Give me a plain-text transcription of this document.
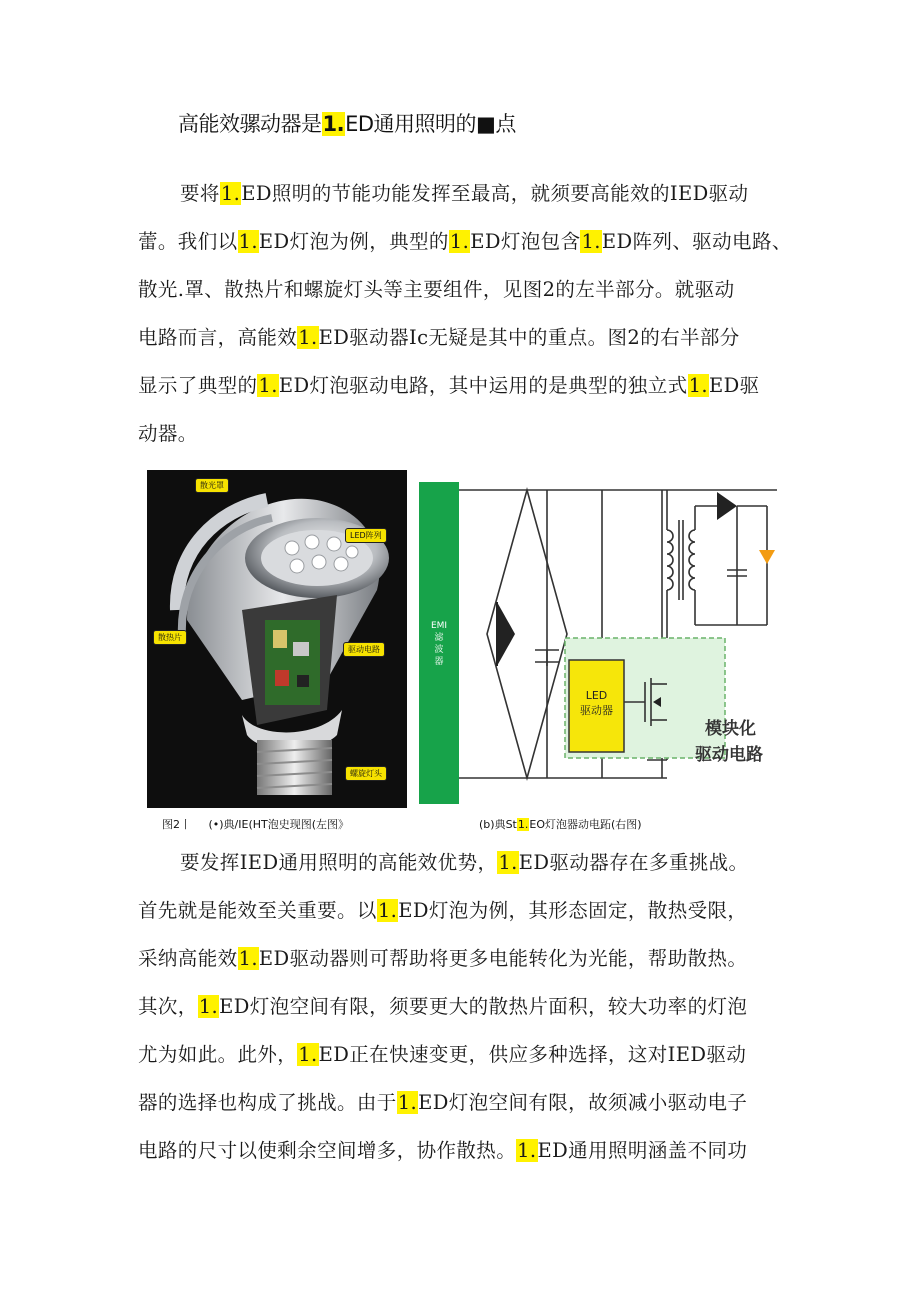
高能效骡动器是1.ED通用照明的■点
要将1.ED照明的节能功能发挥至最高，就须要高能效的IED驱动
蕾。我们以1.ED灯泡为例，典型的1.ED灯泡包含1.ED阵列、驱动电路、
散光.罩、散热片和螺旋灯头等主要组件，见图2的左半部分。就驱动
电路而言，高能效1.ED驱动器Ic无疑是其中的重点。图2的右半部分
显示了典型的1.ED灯泡驱动电路，其中运用的是典型的独立式1.ED驱
动器。
散光罩
LED阵列
散热片
驱动电路
螺旋灯头
EMI
滤
波
器
LED
驱动器
模块化
驱动电路
图2丨 (•)典/IE(HT泡史现图(左图》	(b)典St1.EO灯泡器动电跖(右图)
要发挥IED通用照明的高能效优势，1.ED驱动器存在多重挑战。
首先就是能效至关重要。以1.ED灯泡为例，其形态固定，散热受限，
采纳高能效1.ED驱动器则可帮助将更多电能转化为光能，帮助散热。
其次，1.ED灯泡空间有限，须要更大的散热片面积，较大功率的灯泡
尤为如此。此外，1.ED正在快速变更，供应多种选择，这对IED驱动
器的选择也构成了挑战。由于1.ED灯泡空间有限，故须减小驱动电子
电路的尺寸以使剩余空间增多，协作散热。1.ED通用照明涵盖不同功
